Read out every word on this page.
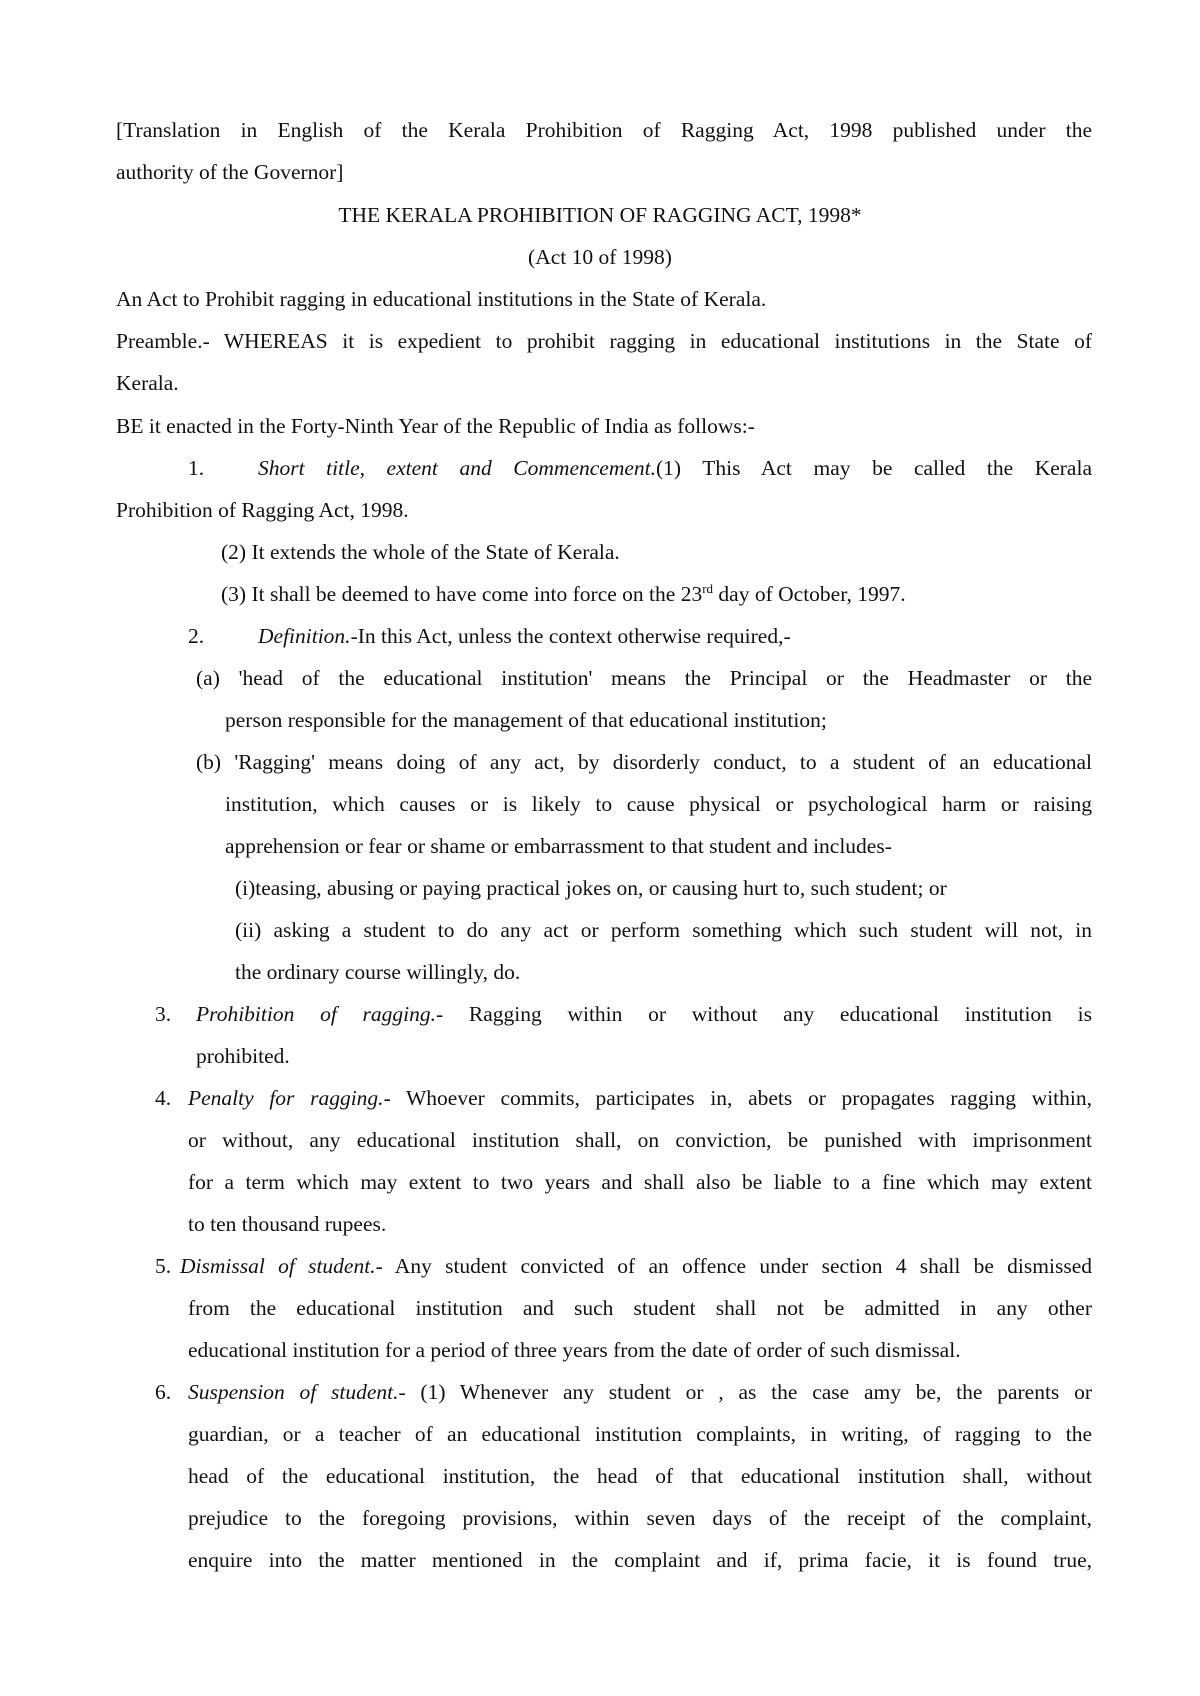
[Translation in English of the Kerala Prohibition of Ragging Act, 1998 published under the
authority of the Governor]
THE KERALA PROHIBITION OF RAGGING ACT, 1998*
(Act 10 of 1998)
An Act to Prohibit ragging in educational institutions in the State of Kerala.
Preamble.- WHEREAS it is expedient to prohibit ragging in educational institutions in the State of
Kerala.
BE it enacted in the Forty-Ninth Year of the Republic of India as follows:-
1.	Short title, extent and Commencement.(1) This Act may be called the Kerala
Prohibition of Ragging Act, 1998.
(2) It extends the whole of the State of Kerala.
(3) It shall be deemed to have come into force on the 23rd day of October, 1997.
2.	Definition.-In this Act, unless the context otherwise required,-
(a) 'head of the educational institution' means the Principal or the Headmaster or the
person responsible for the management of that educational institution;
(b) 'Ragging' means doing of any act, by disorderly conduct, to a student of an educational
institution, which causes or is likely to cause physical or psychological harm or raising
apprehension or fear or shame or embarrassment to that student and includes-
(i)teasing, abusing or paying practical jokes on, or causing hurt to, such student; or
(ii) asking a student to do any act or perform something which such student will not, in
the ordinary course willingly, do.
3. Prohibition of ragging.- Ragging within or without any educational institution is
prohibited.
4. Penalty for ragging.- Whoever commits, participates in, abets or propagates ragging within,
or without, any educational institution shall, on conviction, be punished with imprisonment
for a term which may extent to two years and shall also be liable to a fine which may extent
to ten thousand rupees.
5. Dismissal of student.- Any student convicted of an offence under section 4 shall be dismissed
from the educational institution and such student shall not be admitted in any other
educational institution for a period of three years from the date of order of such dismissal.
6. Suspension of student.- (1) Whenever any student or , as the case amy be, the parents or
guardian, or a teacher of an educational institution complaints, in writing, of ragging to the
head of the educational institution, the head of that educational institution shall, without
prejudice to the foregoing provisions, within seven days of the receipt of the complaint,
enquire into the matter mentioned in the complaint and if, prima facie, it is found true,
